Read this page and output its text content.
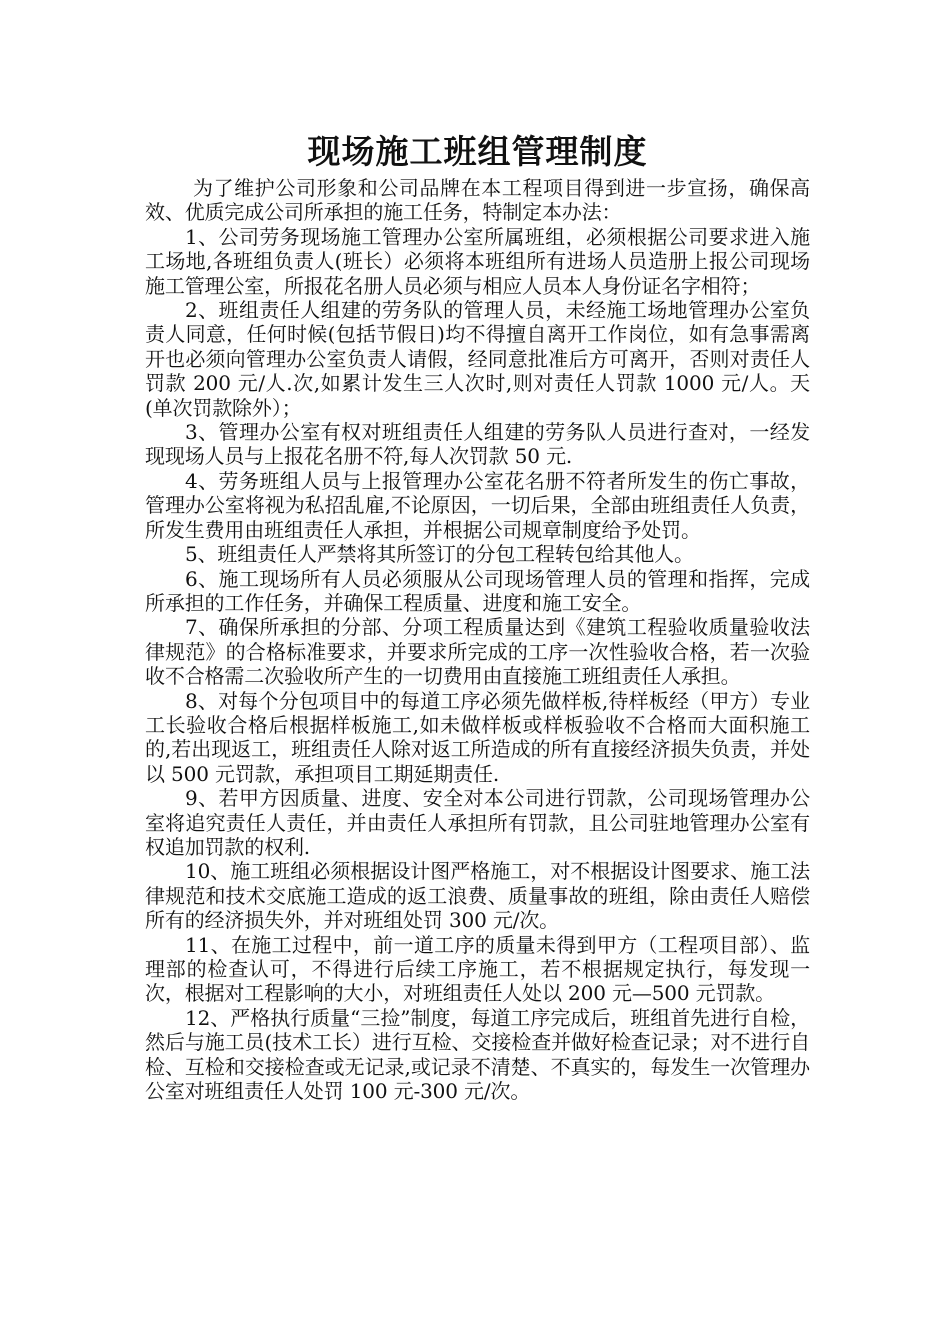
现场施工班组管理制度

为了维护公司形象和公司品牌在本工程项目得到进一步宣扬，确保高效、优质完成公司所承担的施工任务，特制定本办法：

1、公司劳务现场施工管理办公室所属班组，必须根据公司要求进入施工场地,各班组负责人(班长）必须将本班组所有进场人员造册上报公司现场施工管理公室，所报花名册人员必须与相应人员本人身份证名字相符；

2、班组责任人组建的劳务队的管理人员，未经施工场地管理办公室负责人同意，任何时候(包括节假日)均不得擅自离开工作岗位，如有急事需离开也必须向管理办公室负责人请假，经同意批准后方可离开，否则对责任人罚款 200 元/人.次,如累计发生三人次时,则对责任人罚款 1000 元/人。天(单次罚款除外）；

3、管理办公室有权对班组责任人组建的劳务队人员进行查对，一经发现现场人员与上报花名册不符,每人次罚款 50 元.

4、劳务班组人员与上报管理办公室花名册不符者所发生的伤亡事故，管理办公室将视为私招乱雇,不论原因，一切后果，全部由班组责任人负责，所发生费用由班组责任人承担，并根据公司规章制度给予处罚。

5、班组责任人严禁将其所签订的分包工程转包给其他人。

6、施工现场所有人员必须服从公司现场管理人员的管理和指挥，完成所承担的工作任务，并确保工程质量、进度和施工安全。

7、确保所承担的分部、分项工程质量达到《建筑工程验收质量验收法律规范》的合格标准要求，并要求所完成的工序一次性验收合格，若一次验收不合格需二次验收所产生的一切费用由直接施工班组责任人承担。

8、对每个分包项目中的每道工序必须先做样板,待样板经（甲方）专业工长验收合格后根据样板施工,如未做样板或样板验收不合格而大面积施工的,若出现返工，班组责任人除对返工所造成的所有直接经济损失负责，并处以 500 元罚款，承担项目工期延期责任.

9、若甲方因质量、进度、安全对本公司进行罚款，公司现场管理办公室将追究责任人责任，并由责任人承担所有罚款，且公司驻地管理办公室有权追加罚款的权利.

10、施工班组必须根据设计图严格施工，对不根据设计图要求、施工法律规范和技术交底施工造成的返工浪费、质量事故的班组，除由责任人赔偿所有的经济损失外，并对班组处罚 300 元/次。

11、在施工过程中，前一道工序的质量未得到甲方（工程项目部）、监理部的检查认可，不得进行后续工序施工，若不根据规定执行，每发现一次，根据对工程影响的大小，对班组责任人处以 200 元—500 元罚款。

12、严格执行质量“三捡”制度，每道工序完成后，班组首先进行自检，然后与施工员(技术工长）进行互检、交接检查并做好检查记录；对不进行自检、互检和交接检查或无记录,或记录不清楚、不真实的，每发生一次管理办公室对班组责任人处罚 100 元-300 元/次。
